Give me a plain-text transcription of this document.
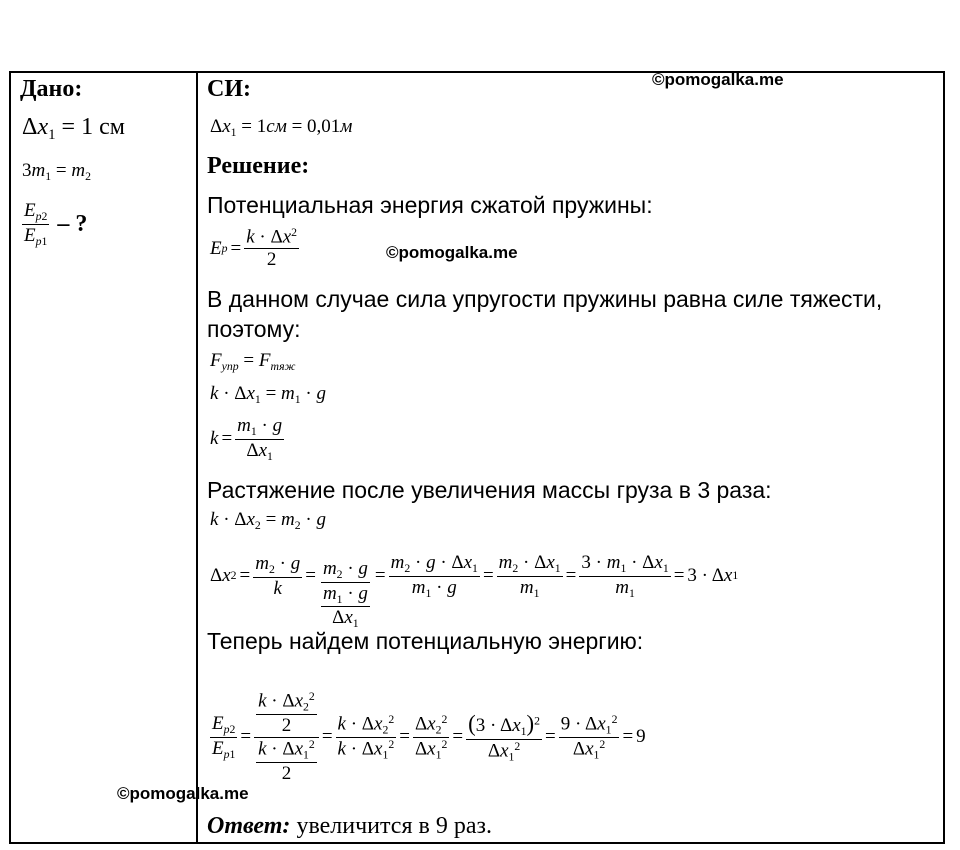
©pomogalka.me
©pomogalka.me
©pomogalka.me
Дано:
$\Delta x_1 = 1$ см
$3m_1 = m_2$
$\frac{E_{p2}}{E_{p1}}$ – ?
СИ:
$\Delta x_1 = 1см = 0,01м$
Решение:
Потенциальная энергия сжатой пружины:
E $p = \frac{k \cdot \Delta x^2}{2}$
В данном случае сила упругости пружины равна силе тяжести,
поэтому:
$F_{упр} = F_{тяж}$
$k \cdot \Delta x_1 = m_1 \cdot g$
$k = \frac{m_1 \cdot g}{\Delta x_1}$
Растяжение после увеличения массы груза в 3 раза:
$k \cdot \Delta x_2 = m_2 \cdot g$
Δ x $2 = \frac{m_2 \cdot g}{k} = \frac{m_2 \cdot g}{\frac{m_1 \cdot g}{\Delta x_1}} = \frac{m_2 \cdot g \cdot \Delta x_1}{m_1 \cdot g} = \frac{m_2 \cdot \Delta x_1}{m_1} = \frac{3 \cdot m_1 \cdot \Delta x_1}{m_1} = 3 \cdot \Delta$ x 1
Теперь найдем потенциальную энергию:
$\frac{E_{p2}}{E_{p1}} = \frac{\frac{k \cdot \Delta x_2^2}{2}}{\frac{k \cdot \Delta x_1^2}{2}} = \frac{k \cdot \Delta x_2^2}{k \cdot \Delta x_1^2} = \frac{\Delta x_2^2}{\Delta x_1^2} = \frac{(3 \cdot \Delta x_1)^2}{\Delta x_1^2} = \frac{9 \cdot \Delta x_1^2}{\Delta x_1^2} = 9$
Ответ: увеличится в 9 раз.
